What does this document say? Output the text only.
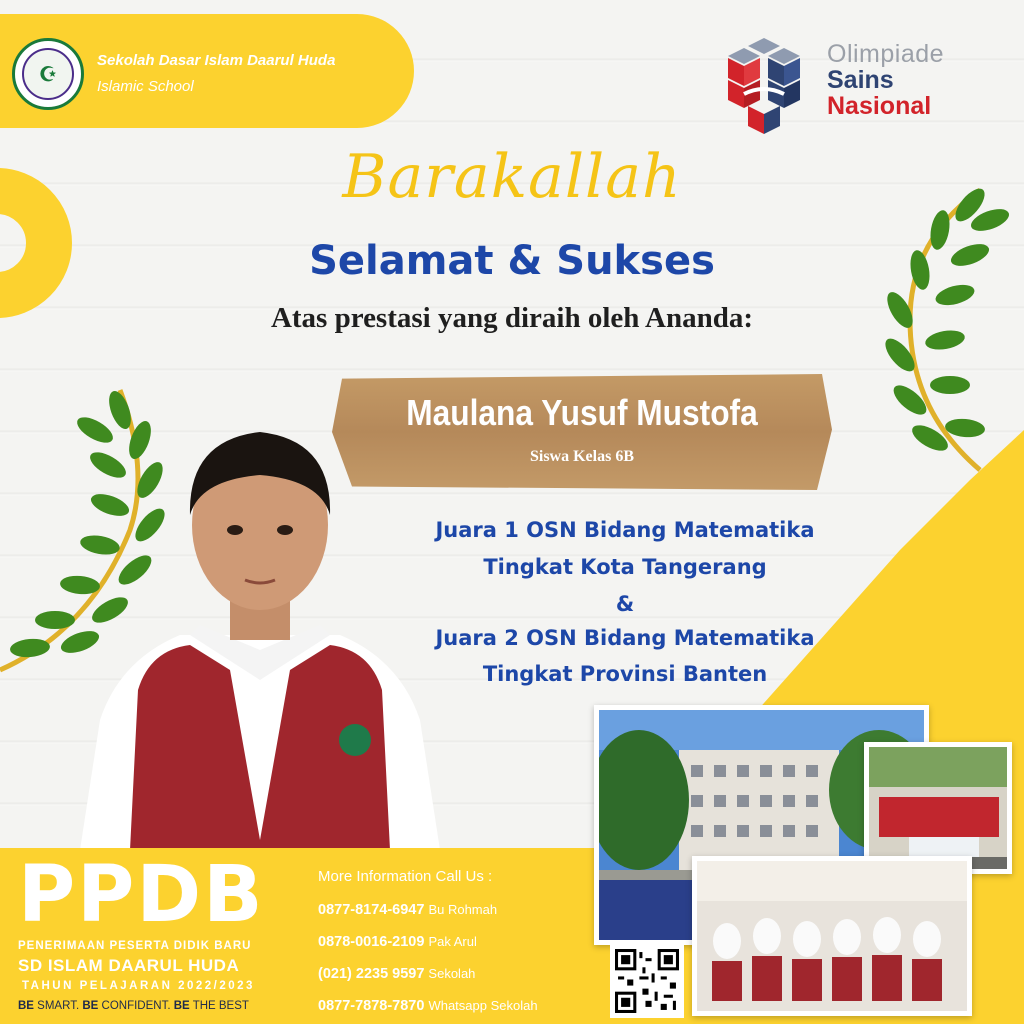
☪
Sekolah Dasar Islam Daarul Huda
Islamic School
Olimpiade
Sains
Nasional
Barakallah
Selamat & Sukses
Atas prestasi yang diraih oleh Ananda:
Maulana Yusuf Mustofa
Siswa Kelas 6B
Juara 1 OSN Bidang Matematika
Tingkat Kota Tangerang
&
Juara 2 OSN Bidang Matematika
Tingkat Provinsi Banten
PPDB
PENERIMAAN PESERTA DIDIK BARU
SD ISLAM DAARUL HUDA
TAHUN PELAJARAN 2022/2023
BE SMART. BE CONFIDENT. BE THE BEST
More Information Call Us :
0877-8174-6947 Bu Rohmah
0878-0016-2109 Pak Arul
(021) 2235 9597 Sekolah
0877-7878-7870 Whatsapp Sekolah
